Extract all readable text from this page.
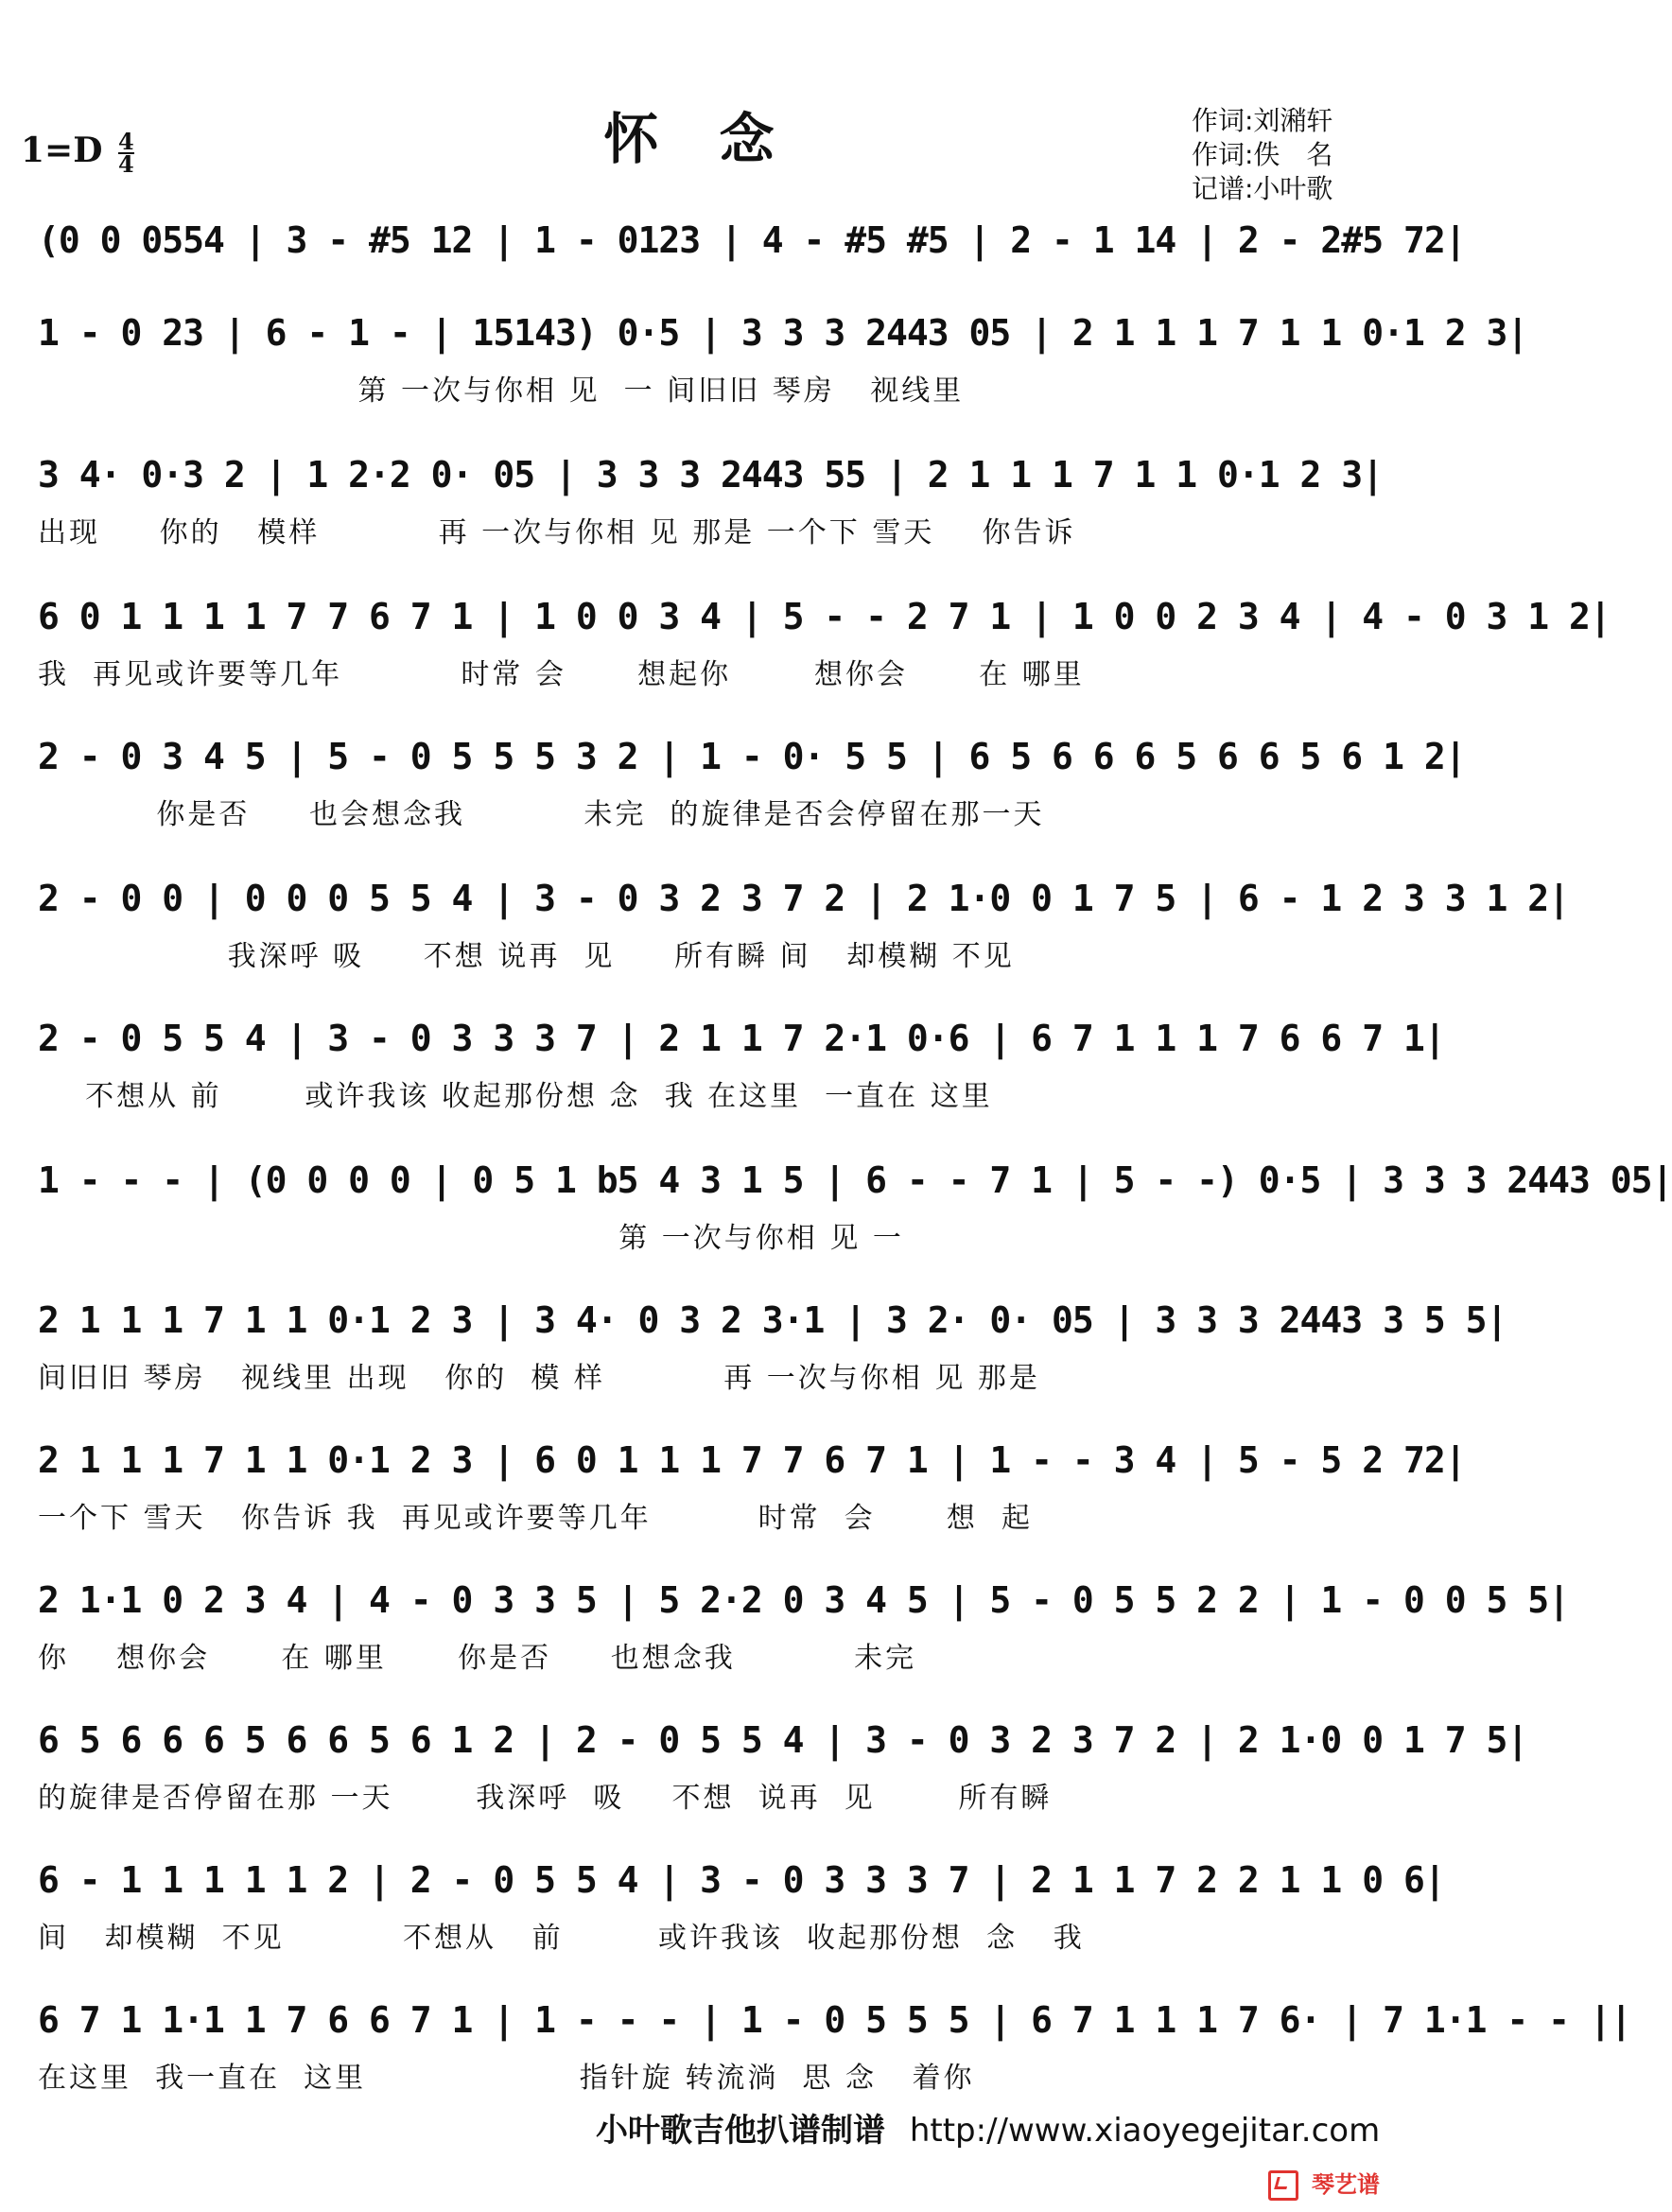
$1=D \frac{4}{4}$	怀 念	作词:刘潲轩
作词:佚　名
记谱:小叶歌
(0 0 0554 | 3 - #5 12 | 1 - 0123 | 4 - #5 #5 | 2 - 1 14 | 2 - 2#5 72|
1 - 0 23 | 6 - 1 - | 15143) 0·5 | 3 3 3 2443 05 | 2 1 1 1 7 1 1 0·1 2 3|
第 一次与你相 见  一 间旧旧 琴房   视线里
3 4· 0·3 2 | 1 2·2 0· 05 | 3 3 3 2443 55 | 2 1 1 1 7 1 1 0·1 2 3|
出现     你的   模样          再 一次与你相 见 那是 一个下 雪天    你告诉
6 0 1 1 1 1 7 7 6 7 1 | 1 0 0 3 4 | 5 - - 2 7 1 | 1 0 0 2 3 4 | 4 - 0 3 1 2|
我  再见或许要等几年          时常 会      想起你       想你会      在 哪里
2 - 0 3 4 5 | 5 - 0 5 5 5 3 2 | 1 - 0· 5 5 | 6 5 6 6 6 5 6 6 5 6 1 2|
你是否     也会想念我          未完  的旋律是否会停留在那一天
2 - 0 0 | 0 0 0 5 5 4 | 3 - 0 3 2 3 7 2 | 2 1·0 0 1 7 5 | 6 - 1 2 3 3 1 2|
我深呼 吸     不想 说再  见     所有瞬 间   却模糊 不见
2 - 0 5 5 4 | 3 - 0 3 3 3 7 | 2 1 1 7 2·1 0·6 | 6 7 1 1 1 7 6 6 7 1|
不想从 前       或许我该 收起那份想 念  我 在这里  一直在 这里
1 - - - | (0 0 0 0 | 0 5 1 b5 4 3 1 5 | 6 - - 7 1 | 5 - -) 0·5 | 3 3 3 2443 05|
第 一次与你相 见 一
2 1 1 1 7 1 1 0·1 2 3 | 3 4· 0 3 2 3·1 | 3 2· 0· 05 | 3 3 3 2443 3 5 5|
间旧旧 琴房   视线里 出现   你的  模 样          再 一次与你相 见 那是
2 1 1 1 7 1 1 0·1 2 3 | 6 0 1 1 1 7 7 6 7 1 | 1 - - 3 4 | 5 - 5 2 72|
一个下 雪天   你告诉 我  再见或许要等几年         时常  会      想  起
2 1·1 0 2 3 4 | 4 - 0 3 3 5 | 5 2·2 0 3 4 5 | 5 - 0 5 5 2 2 | 1 - 0 0 5 5|
你    想你会      在 哪里      你是否     也想念我          未完
6 5 6 6 6 5 6 6 5 6 1 2 | 2 - 0 5 5 4 | 3 - 0 3 2 3 7 2 | 2 1·0 0 1 7 5|
的旋律是否停留在那 一天       我深呼  吸    不想  说再  见       所有瞬
6 - 1 1 1 1 1 2 | 2 - 0 5 5 4 | 3 - 0 3 3 3 7 | 2 1 1 7 2 2 1 1 0 6|
间   却模糊  不见          不想从   前        或许我该  收起那份想  念   我
6 7 1 1·1 1 7 6 6 7 1 | 1 - - - | 1 - 0 5 5 5 | 6 7 1 1 1 7 6· | 7 1·1 - - ||
在这里  我一直在  这里                  指针旋 转流淌  思 念   着你
小叶歌吉他扒谱制谱 http://www.xiaoyegejitar.com
琴艺谱
